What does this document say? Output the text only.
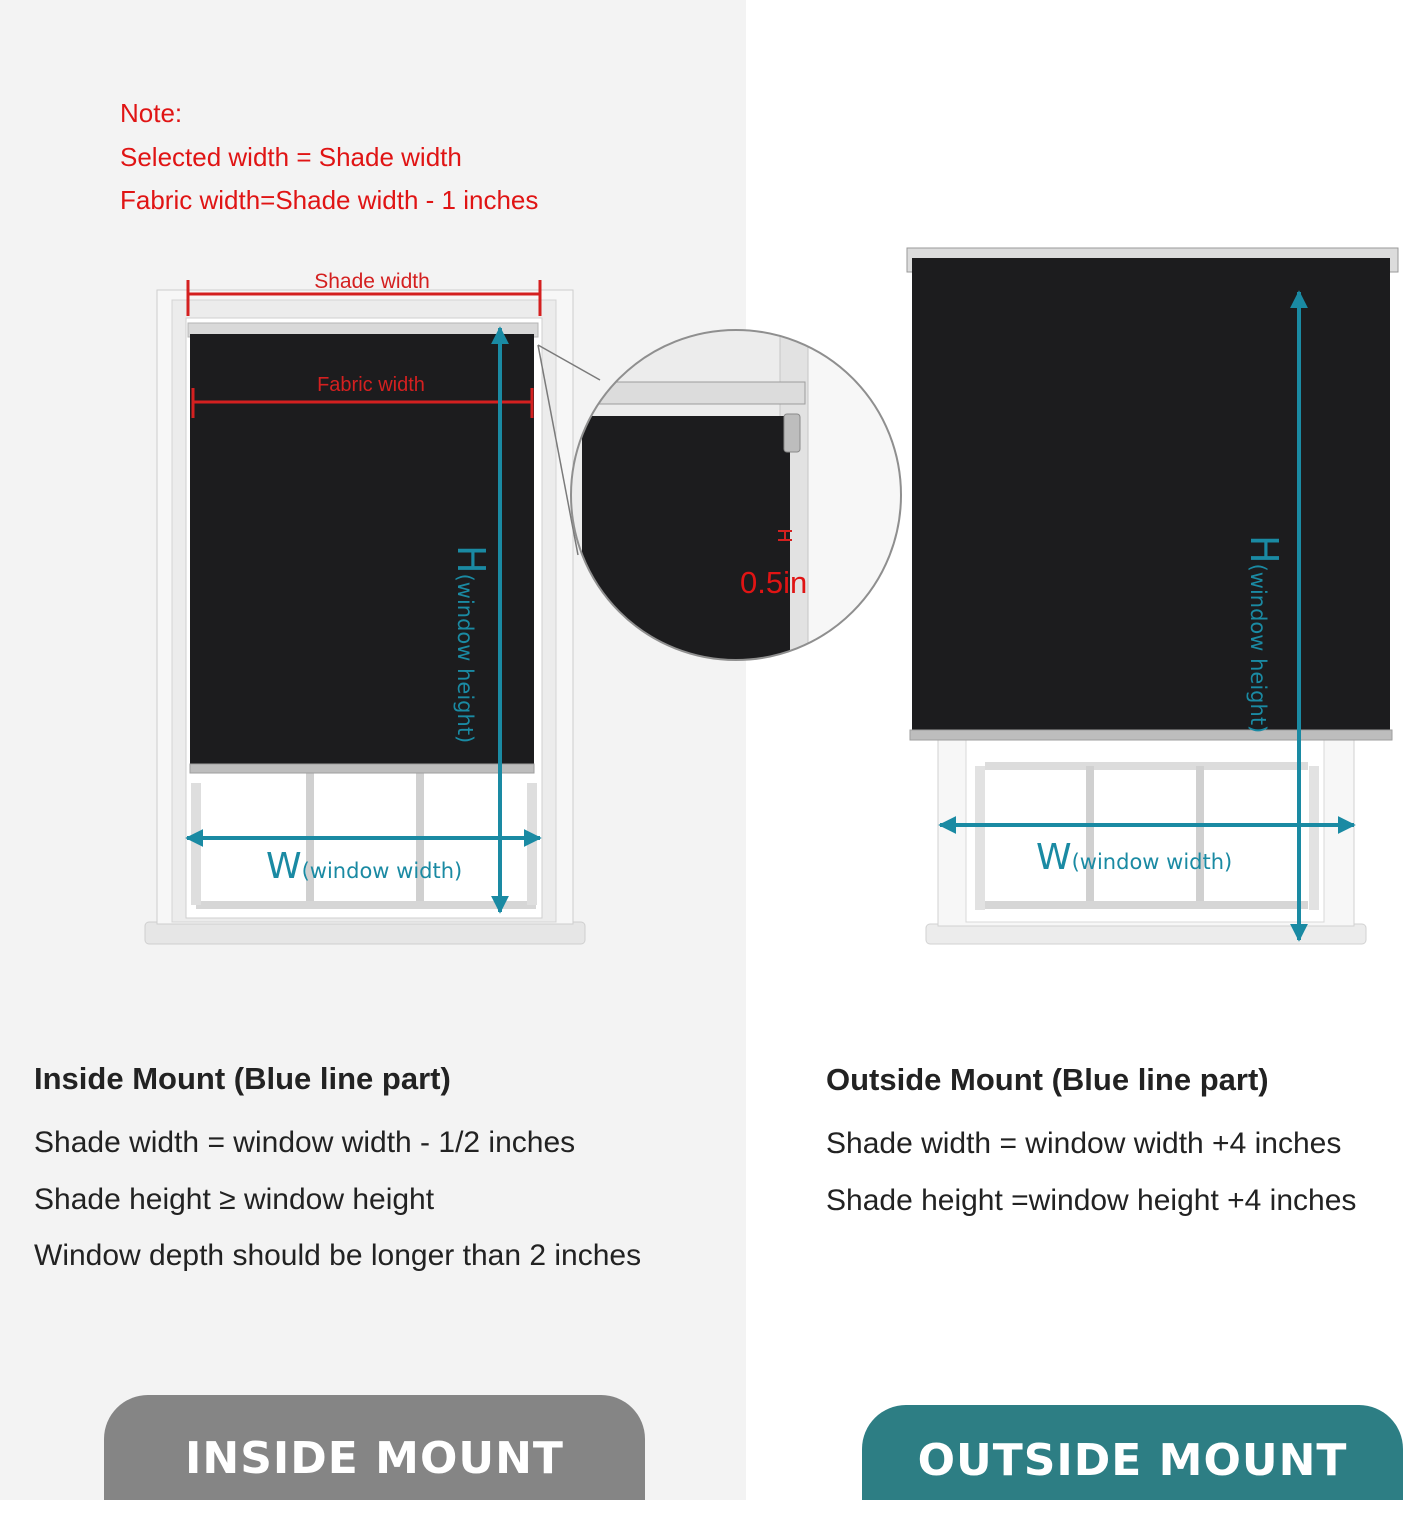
Note:
Selected width = Shade width
Fabric width=Shade width - 1 inches
Shade width
Fabric width
H(window height)
W(window width)
0.5in
H(window height)
W(window width)
Inside Mount (Blue line part)
Shade width = window width - 1/2 inches
Shade height ≥ window height
Window depth should be longer than 2 inches
Outside Mount (Blue line part)
Shade width = window width +4 inches
Shade height =window height +4 inches
INSIDE MOUNT	OUTSIDE MOUNT
